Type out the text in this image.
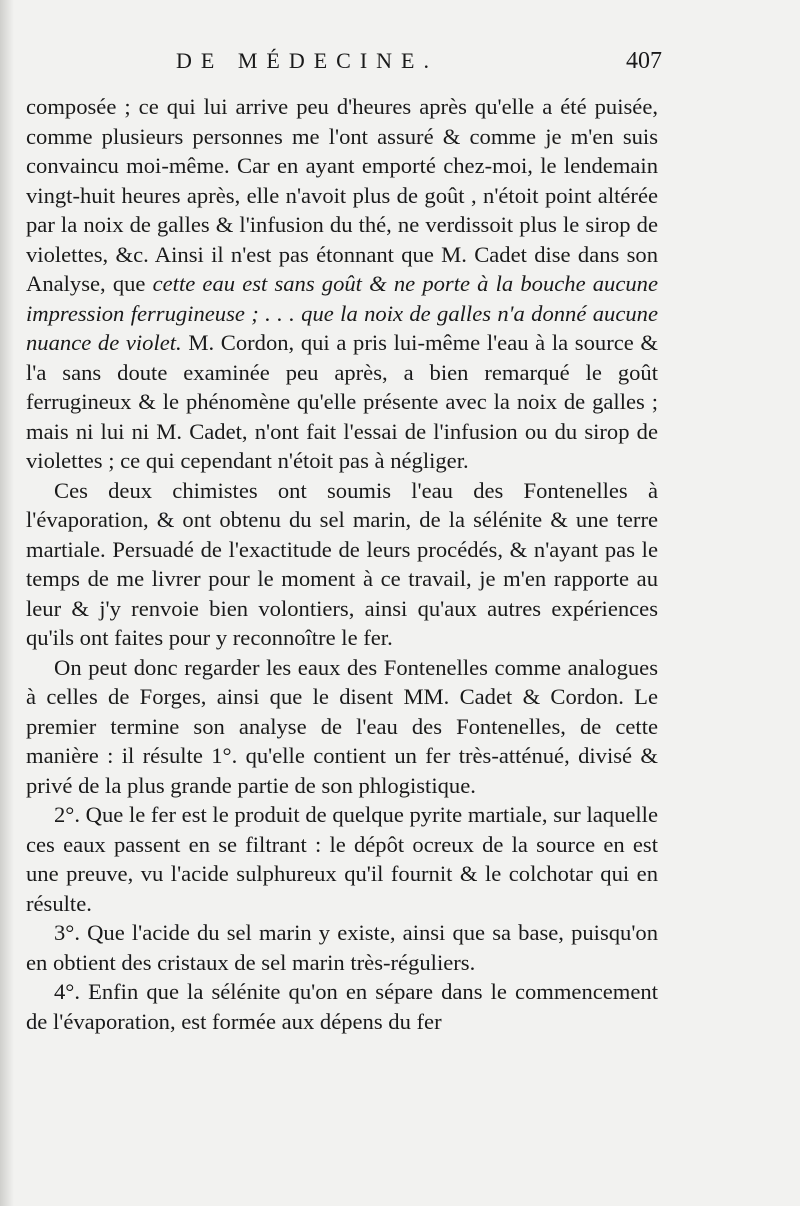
DE MÉDECINE.	407

composée ; ce qui lui arrive peu d'heures après qu'elle a été puisée, comme plusieurs personnes me l'ont assuré & comme je m'en suis convaincu moi-même. Car en ayant emporté chez-moi, le lendemain vingt-huit heures après, elle n'avoit plus de goût , n'étoit point altérée par la noix de galles & l'infusion du thé, ne verdissoit plus le sirop de violettes, &c. Ainsi il n'est pas étonnant que M. Cadet dise dans son Analyse, que cette eau est sans goût & ne porte à la bouche aucune impression ferrugineuse ; . . . que la noix de galles n'a donné aucune nuance de violet. M. Cordon, qui a pris lui-même l'eau à la source & l'a sans doute examinée peu après, a bien remarqué le goût ferrugineux & le phénomène qu'elle présente avec la noix de galles ; mais ni lui ni M. Cadet, n'ont fait l'essai de l'infusion ou du sirop de violettes ; ce qui cependant n'étoit pas à négliger.

Ces deux chimistes ont soumis l'eau des Fontenelles à l'évaporation, & ont obtenu du sel marin, de la sélénite & une terre martiale. Persuadé de l'exactitude de leurs procédés, & n'ayant pas le temps de me livrer pour le moment à ce travail, je m'en rapporte au leur & j'y renvoie bien volontiers, ainsi qu'aux autres expériences qu'ils ont faites pour y reconnoître le fer.

On peut donc regarder les eaux des Fontenelles comme analogues à celles de Forges, ainsi que le disent MM. Cadet & Cordon. Le premier termine son analyse de l'eau des Fontenelles, de cette manière : il résulte 1°. qu'elle contient un fer très-atténué, divisé & privé de la plus grande partie de son phlogistique.

2°. Que le fer est le produit de quelque pyrite martiale, sur laquelle ces eaux passent en se filtrant : le dépôt ocreux de la source en est une preuve, vu l'acide sulphureux qu'il fournit & le colchotar qui en résulte.

3°. Que l'acide du sel marin y existe, ainsi que sa base, puisqu'on en obtient des cristaux de sel marin très-réguliers.

4°. Enfin que la sélénite qu'on en sépare dans le commencement de l'évaporation, est formée aux dépens du fer
